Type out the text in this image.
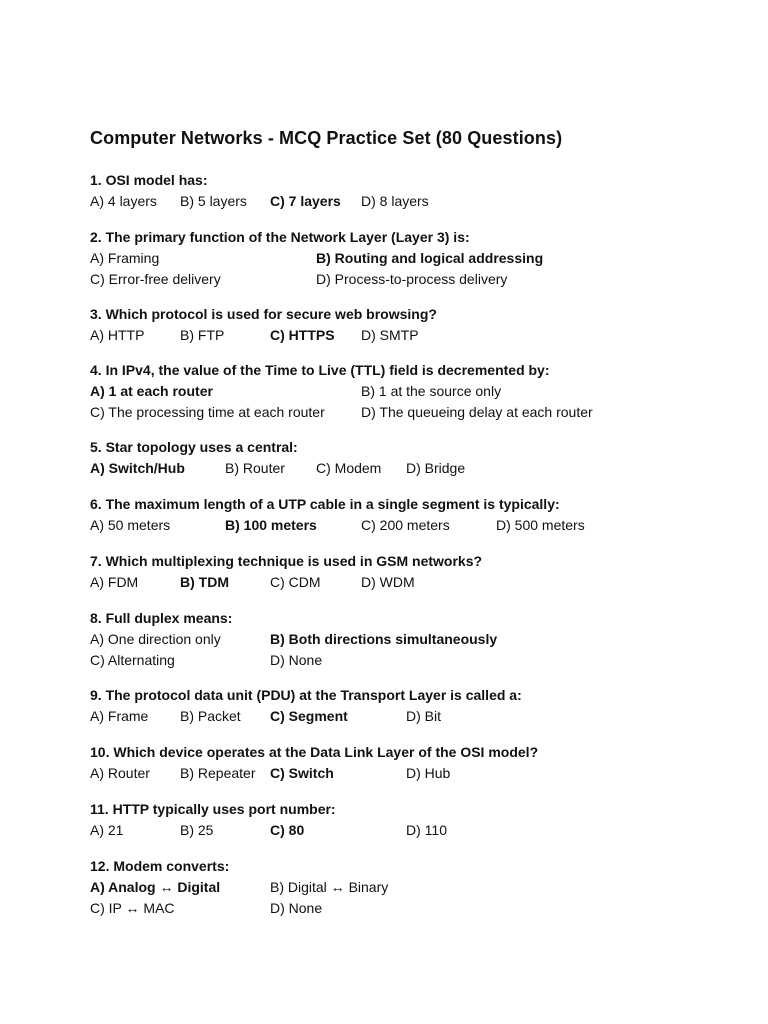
Computer Networks - MCQ Practice Set (80 Questions)
1. OSI model has:
A) 4 layers B) 5 layers C) 7 layers D) 8 layers
2. The primary function of the Network Layer (Layer 3) is:
A) Framing	B) Routing and logical addressing
C) Error-free delivery	D) Process-to-process delivery
3. Which protocol is used for secure web browsing?
A) HTTP	B) FTP	C) HTTPS D) SMTP
4. In IPv4, the value of the Time to Live (TTL) field is decremented by:
A) 1 at each router	B) 1 at the source only
C) The processing time at each router	D) The queueing delay at each router
5. Star topology uses a central:
A) Switch/Hub	B) Router C) Modem D) Bridge
6. The maximum length of a UTP cable in a single segment is typically:
A) 50 meters	B) 100 meters	C) 200 meters	D) 500 meters
7. Which multiplexing technique is used in GSM networks?
A) FDM	B) TDM	C) CDM	D) WDM
8. Full duplex means:
A) One direction only	B) Both directions simultaneously
C) Alternating	D) None
9. The protocol data unit (PDU) at the Transport Layer is called a:
A) Frame B) Packet C) Segment	D) Bit
10. Which device operates at the Data Link Layer of the OSI model?
A) Router B) Repeater C) Switch	D) Hub
11. HTTP typically uses port number:
A) 21	B) 25	C) 80	D) 110
12. Modem converts:
A) Analog ↔ Digital	B) Digital ↔ Binary
C) IP ↔ MAC	D) None
